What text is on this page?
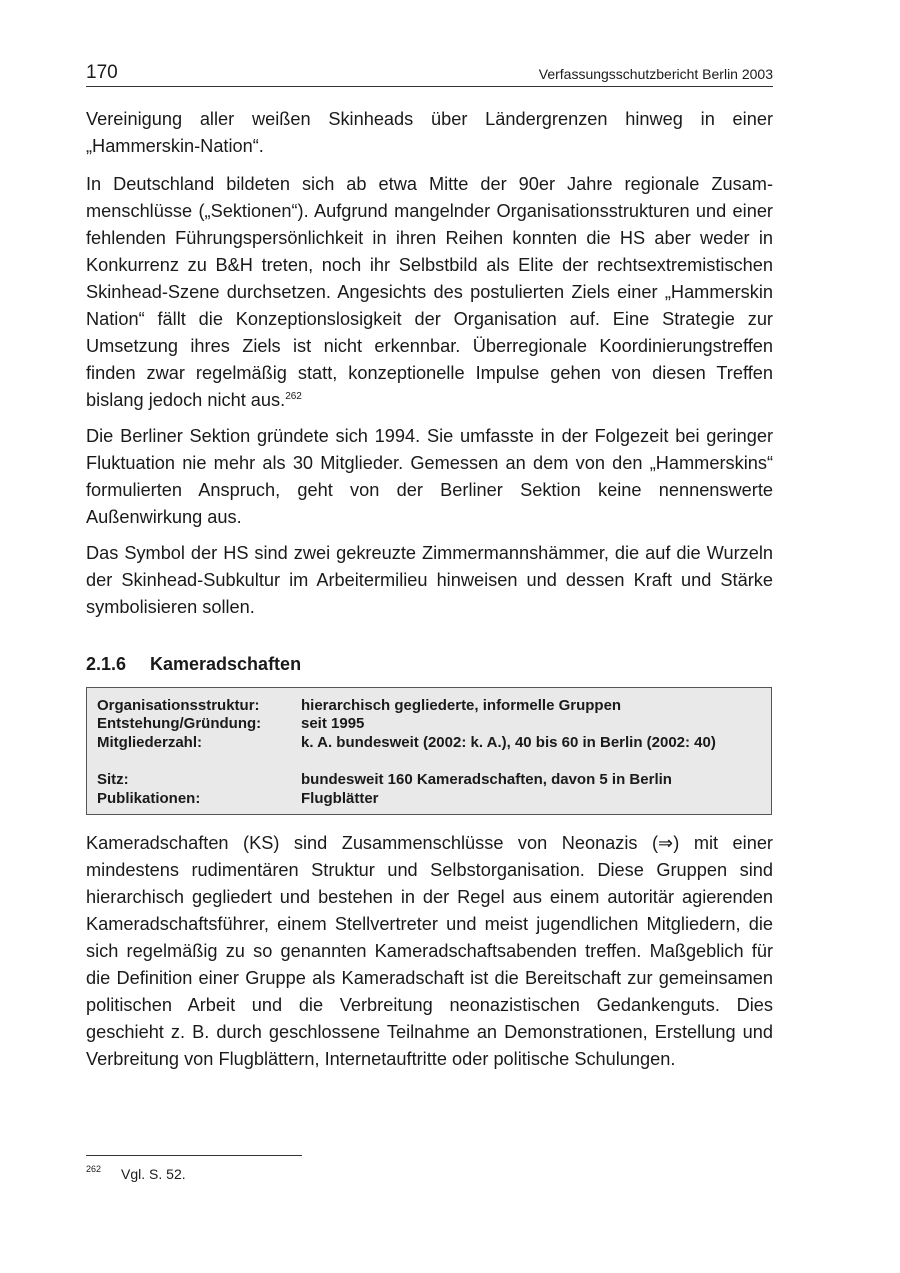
170	Verfassungsschutzbericht Berlin 2003

Vereinigung aller weißen Skinheads über Ländergrenzen hinweg in einer „Hammerskin-Nation“.

In Deutschland bildeten sich ab etwa Mitte der 90er Jahre regionale Zusammenschlüsse („Sektionen“). Aufgrund mangelnder Organisationsstrukturen und einer fehlenden Führungspersönlichkeit in ihren Reihen konnten die HS aber weder in Konkurrenz zu B&H treten, noch ihr Selbstbild als Elite der rechtsextremistischen Skinhead-Szene durchsetzen. Angesichts des postulierten Ziels einer „Hammerskin Nation“ fällt die Konzeptionslosigkeit der Organisation auf. Eine Strategie zur Umsetzung ihres Ziels ist nicht erkennbar. Überregionale Koordinierungstreffen finden zwar regelmäßig statt, konzeptionelle Impulse gehen von diesen Treffen bislang jedoch nicht aus.$^{262}$

Die Berliner Sektion gründete sich 1994. Sie umfasste in der Folgezeit bei geringer Fluktuation nie mehr als 30 Mitglieder. Gemessen an dem von den „Hammerskins“ formulierten Anspruch, geht von der Berliner Sektion keine nennenswerte Außenwirkung aus.

Das Symbol der HS sind zwei gekreuzte Zimmermannshämmer, die auf die Wurzeln der Skinhead-Subkultur im Arbeitermilieu hinweisen und dessen Kraft und Stärke symbolisieren sollen.

2.1.6 Kameradschaften
Organisationsstruktur:	hierarchisch gegliederte, informelle Gruppen
Entstehung/Gründung:	seit 1995
Mitgliederzahl:	k. A. bundesweit (2002: k. A.), 40 bis 60 in Berlin (2002: 40)
Sitz:	bundesweit 160 Kameradschaften, davon 5 in Berlin
Publikationen:	Flugblätter

Kameradschaften (KS) sind Zusammenschlüsse von Neonazis (⇒) mit einer mindestens rudimentären Struktur und Selbstorganisation. Diese Gruppen sind hierarchisch gegliedert und bestehen in der Regel aus einem autoritär agierenden Kameradschaftsführer, einem Stellvertreter und meist jugendlichen Mitgliedern, die sich regelmäßig zu so genannten Kameradschaftsabenden treffen. Maßgeblich für die Definition einer Gruppe als Kameradschaft ist die Bereitschaft zur gemeinsamen politischen Arbeit und die Verbreitung neonazistischen Gedankenguts. Dies geschieht z. B. durch geschlossene Teilnahme an Demonstrationen, Erstellung und Verbreitung von Flugblättern, Internetauftritte oder politische Schulungen.

$^{262}$ Vgl. S. 52.
